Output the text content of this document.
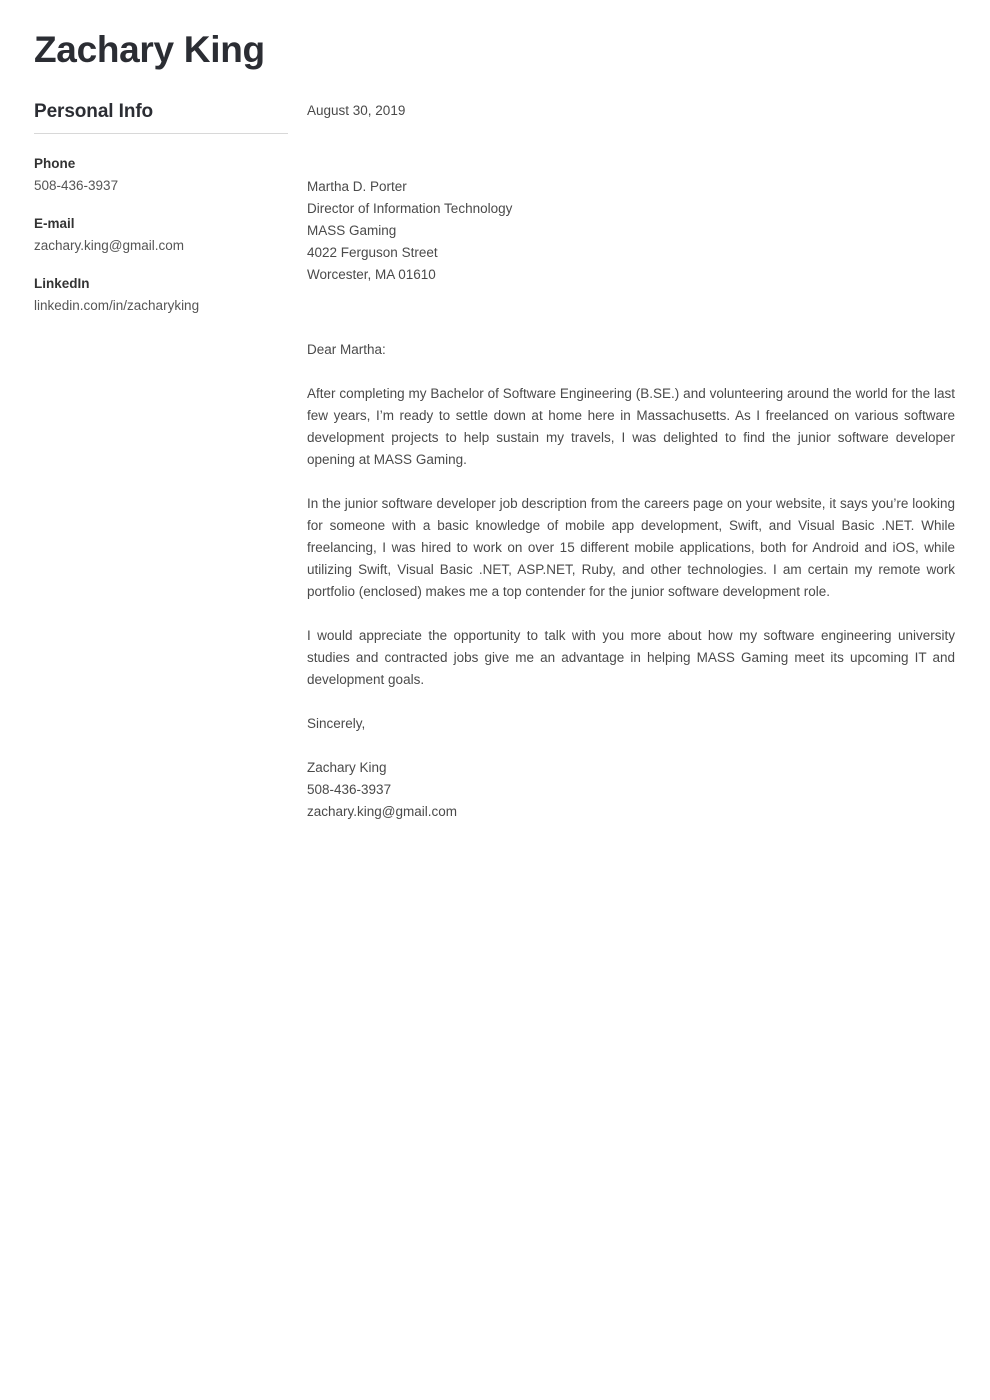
Zachary King
Personal Info
Phone
508-436-3937
E-mail
zachary.king@gmail.com
LinkedIn
linkedin.com/in/zacharyking
August 30, 2019
Martha D. Porter
Director of Information Technology
MASS Gaming
4022 Ferguson Street
Worcester, MA 01610
Dear Martha:

After completing my Bachelor of Software Engineering (B.SE.) and volunteering around the world for the last few years, I’m ready to settle down at home here in Massachusetts. As I freelanced on various software development projects to help sustain my travels, I was delighted to find the junior software developer opening at MASS Gaming.

In the junior software developer job description from the careers page on your website, it says you’re looking for someone with a basic knowledge of mobile app development, Swift, and Visual Basic .NET. While freelancing, I was hired to work on over 15 different mobile applications, both for Android and iOS, while utilizing Swift, Visual Basic .NET, ASP.NET, Ruby, and other technologies. I am certain my remote work portfolio (enclosed) makes me a top contender for the junior software development role.

I would appreciate the opportunity to talk with you more about how my software engineering university studies and contracted jobs give me an advantage in helping MASS Gaming meet its upcoming IT and development goals.

Sincerely,
Zachary King
508-436-3937
zachary.king@gmail.com
